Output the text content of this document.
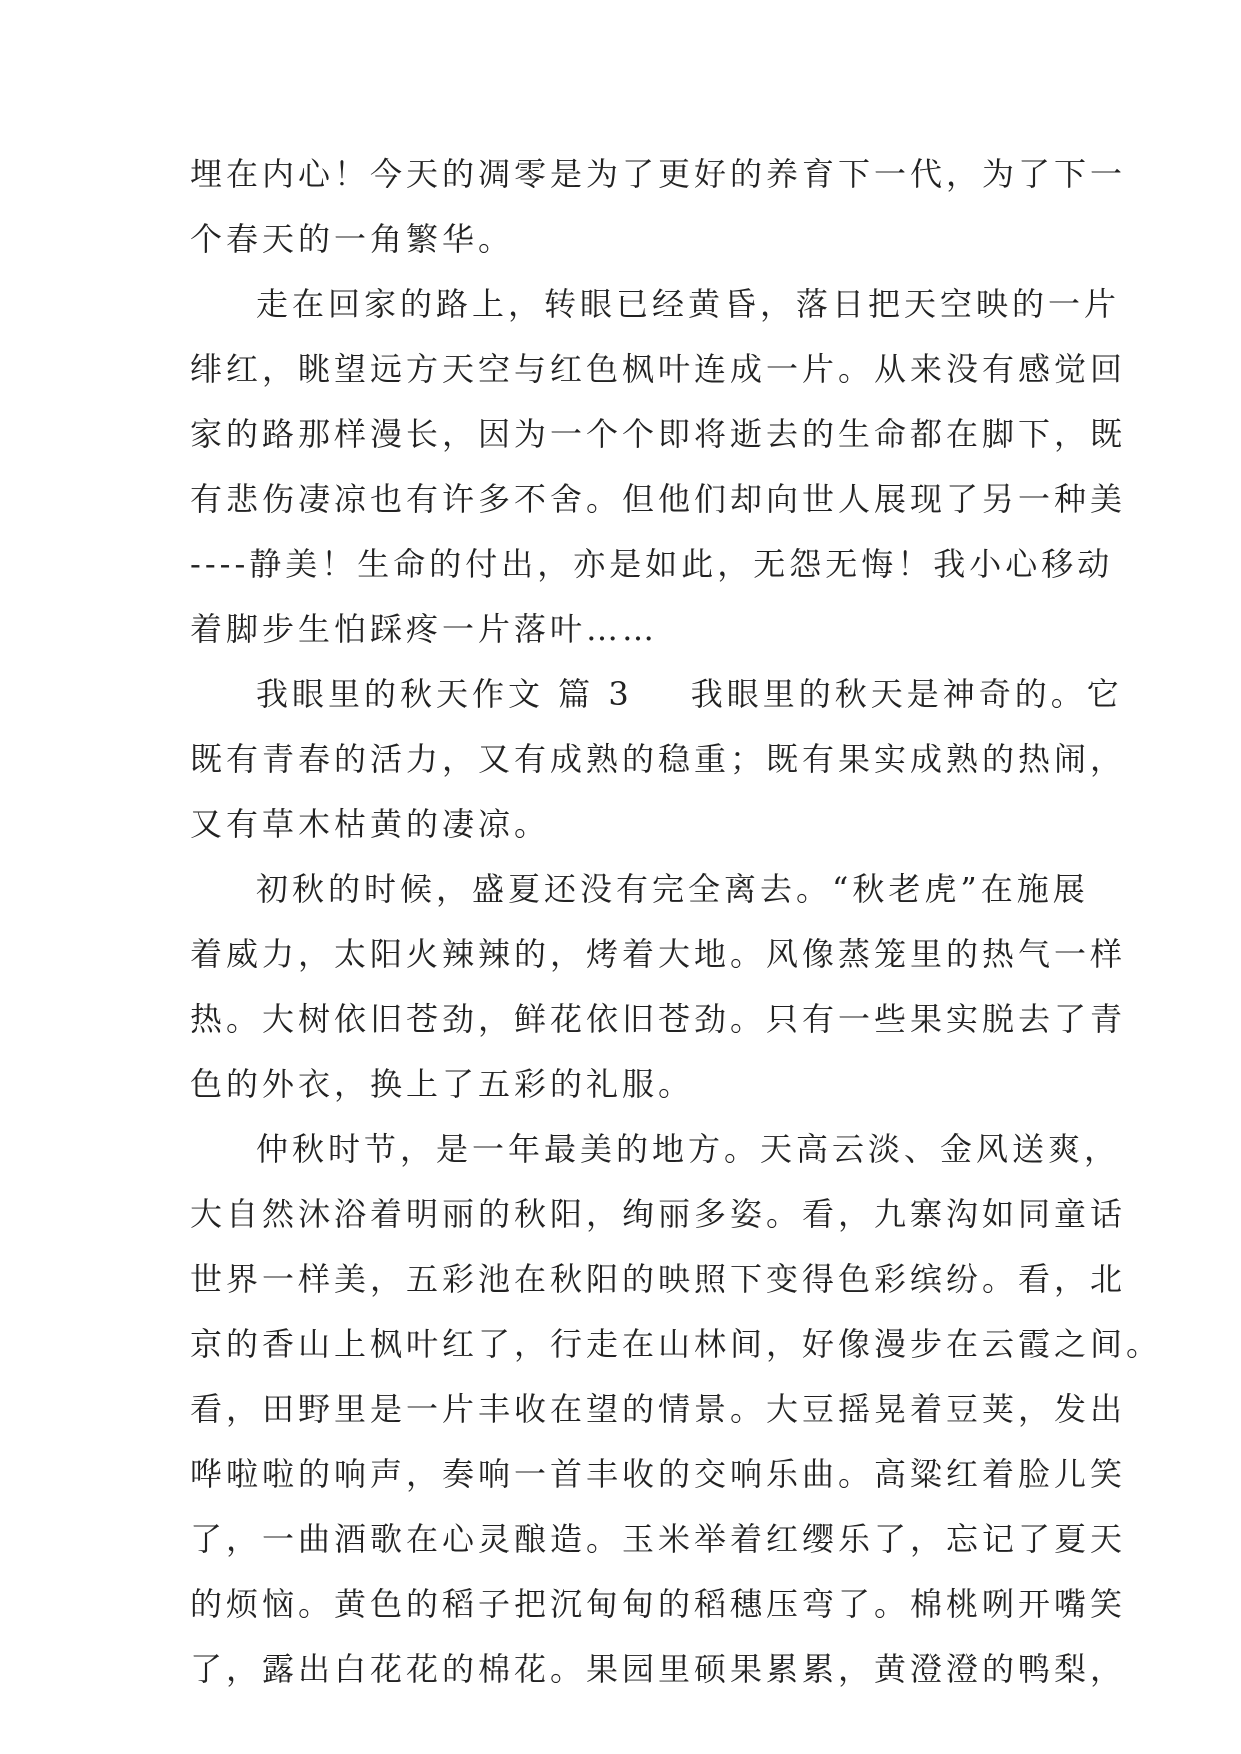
埋在内心！今天的凋零是为了更好的养育下一代，为了下一
个春天的一角繁华。
走在回家的路上，转眼已经黄昏，落日把天空映的一片
绯红，眺望远方天空与红色枫叶连成一片。从来没有感觉回
家的路那样漫长，因为一个个即将逝去的生命都在脚下，既
有悲伤凄凉也有许多不舍。但他们却向世人展现了另一种美
----静美！生命的付出，亦是如此，无怨无悔！我小心移动
着脚步生怕踩疼一片落叶……
我眼里的秋天作文 篇 3 我眼里的秋天是神奇的。它
既有青春的活力，又有成熟的稳重；既有果实成熟的热闹，
又有草木枯黄的凄凉。
初秋的时候，盛夏还没有完全离去。“秋老虎”在施展
着威力，太阳火辣辣的，烤着大地。风像蒸笼里的热气一样
热。大树依旧苍劲，鲜花依旧苍劲。只有一些果实脱去了青
色的外衣，换上了五彩的礼服。
仲秋时节，是一年最美的地方。天高云淡、金风送爽，
大自然沐浴着明丽的秋阳，绚丽多姿。看，九寨沟如同童话
世界一样美，五彩池在秋阳的映照下变得色彩缤纷。看，北
京的香山上枫叶红了，行走在山林间，好像漫步在云霞之间。
看，田野里是一片丰收在望的情景。大豆摇晃着豆荚，发出
哗啦啦的响声，奏响一首丰收的交响乐曲。高粱红着脸儿笑
了，一曲酒歌在心灵酿造。玉米举着红缨乐了，忘记了夏天
的烦恼。黄色的稻子把沉甸甸的稻穗压弯了。棉桃咧开嘴笑
了，露出白花花的棉花。果园里硕果累累，黄澄澄的鸭梨，
